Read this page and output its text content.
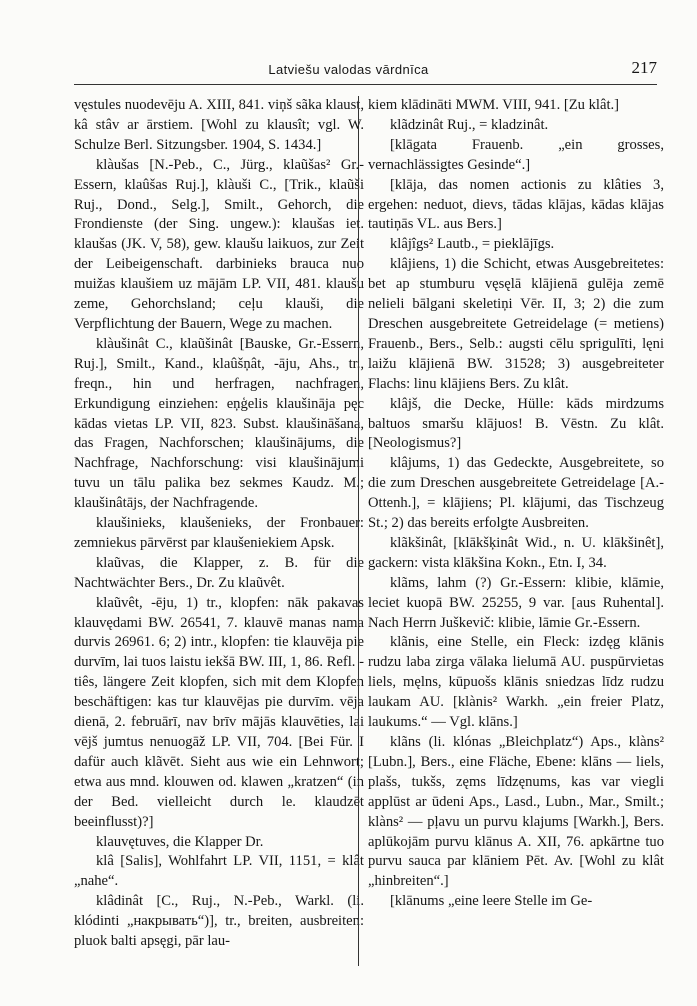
Latviešu valodas vārdnīca	217

vęstules nuodevēju A. XIII, 841. viņš sãka klaust, kâ stâv ar ārstiem. [Wohl zu klausît; vgl. W. Schulze Berl. Sitzungsber. 1904, S. 1434.]

klàušas [N.-Peb., C., Jürg., klaũšas² Gr.-Essern, klaûšas Ruj.], klàuši C., [Trik., klaũši Ruj., Dond., Selg.], Smilt., Gehorch, die Frondienste (der Sing. ungew.): klaušas iet. klaušas (JK. V, 58), gew. klaušu laikuos, zur Zeit der Leibeigenschaft. darbinieks brauca nuo muižas klaušiem uz mājām LP. VII, 481. klaušu zeme, Gehorchsland; ceļu klauši, die Verpflichtung der Bauern, Wege zu machen.

klàušinât C., klaũšinât [Bauske, Gr.-Essern, Ruj.], Smilt., Kand., klaûšņât, -āju, Ahs., tr., freqn., hin und herfragen, nachfragen, Erkundigung einziehen: eņģelis klaušināja pęc kādas vietas LP. VII, 823. Subst. klaušināšana, das Fragen, Nachforschen; klaušinājums, die Nachfrage, Nachforschung: visi klaušinājumi tuvu un tālu palika bez sekmes Kaudz. M.; klaušinâtājs, der Nachfragende.

klaušinieks, klaušenieks, der Fronbauer: zemniekus pārvērst par klaušeniekiem Apsk.

klaũvas, die Klapper, z. B. für die Nachtwächter Bers., Dr. Zu klaũvêt.

klaũvêt, -ēju, 1) tr., klopfen: nāk pakavas klauvędami BW. 26541, 7. klauvē manas nama durvis 26961. 6; 2) intr., klopfen: tie klauvēja pie durvīm, lai tuos laistu iekšā BW. III, 1, 86. Refl. -tiês, längere Zeit klopfen, sich mit dem Klopfen beschäftigen: kas tur klauvējas pie durvīm. vēja dienā, 2. februārī, nav brīv mājās klauvēties, lai vējš jumtus nenuogāž LP. VII, 704. [Bei Für. I dafür auch klãvēt. Sieht aus wie ein Lehnwort; etwa aus mnd. klouwen od. klawen „kratzen“ (in der Bed. vielleicht durch le. klaudzēt beeinflusst)?]

klauvętuves, die Klapper Dr.

klâ [Salis], Wohlfahrt LP. VII, 1151, = klât „nahe“.

klâdinât [C., Ruj., N.-Peb., Warkl. (li. klódinti „накрывать“)], tr., breiten, ausbreiten: pluok balti apsęgi, pār lau-

kiem klādināti MWM. VIII, 941. [Zu klât.]

klãdzinât Ruj., = kladzinât.

[klāgata Frauenb. „ein grosses, vernachlässigtes Gesinde“.]

[klāja, das nomen actionis zu klâties 3, ergehen: neduot, dievs, tādas klājas, kādas klājas tautiņās VL. aus Bers.]

klâjîgs² Lautb., = pieklājīgs.

klâjiens, 1) die Schicht, etwas Ausgebreitetes: bet ap stumburu vęsęlā klājienā gulēja zemē nelieli bālgani skeletiņi Vēr. II, 3; 2) die zum Dreschen ausgebreitete Getreidelage (= metiens) Frauenb., Bers., Selb.: augsti cēlu sprigulīti, lęni laižu klājienā BW. 31528; 3) ausgebreiteter Flachs: linu klājiens Bers. Zu klât.

klâjš, die Decke, Hülle: kāds mirdzums baltuos smaršu klājuos! B. Vēstn. Zu klât. [Neologismus?]

klâjums, 1) das Gedeckte, Ausgebreitete, so die zum Dreschen ausgebreitete Getreidelage [A.-Ottenh.], = klājiens; Pl. klājumi, das Tischzeug St.; 2) das bereits erfolgte Ausbreiten.

klãkšinât, [klākšķinât Wid., n. U. klākšinêt], gackern: vista klākšina Kokn., Etn. I, 34.

klãms, lahm (?) Gr.-Essern: klibie, klāmie, leciet kuopā BW. 25255, 9 var. [aus Ruhental]. Nach Herrn Juškevič: klibie, lāmie Gr.-Essern.

klãnis, eine Stelle, ein Fleck: izdęg klānis rudzu laba zirga vālaka lielumā AU. puspūrvietas liels, męlns, kūpuošs klānis sniedzas līdz rudzu laukam AU. [klànis² Warkh. „ein freier Platz, laukums.“ — Vgl. klāns.]

klãns (li. klónas „Bleichplatz“) Aps., klàns² [Lubn.], Bers., eine Fläche, Ebene: klāns — liels, plašs, tukšs, zęms līdzęnums, kas var viegli applūst ar ūdeni Aps., Lasd., Lubn., Mar., Smilt.; klàns² — pļavu un purvu klajums [Warkh.], Bers. aplūkojām purvu klānus A. XII, 76. apkārtne tuo purvu sauca par klāniem Pēt. Av. [Wohl zu klât „hinbreiten“.]

[klānums „eine leere Stelle im Ge-
